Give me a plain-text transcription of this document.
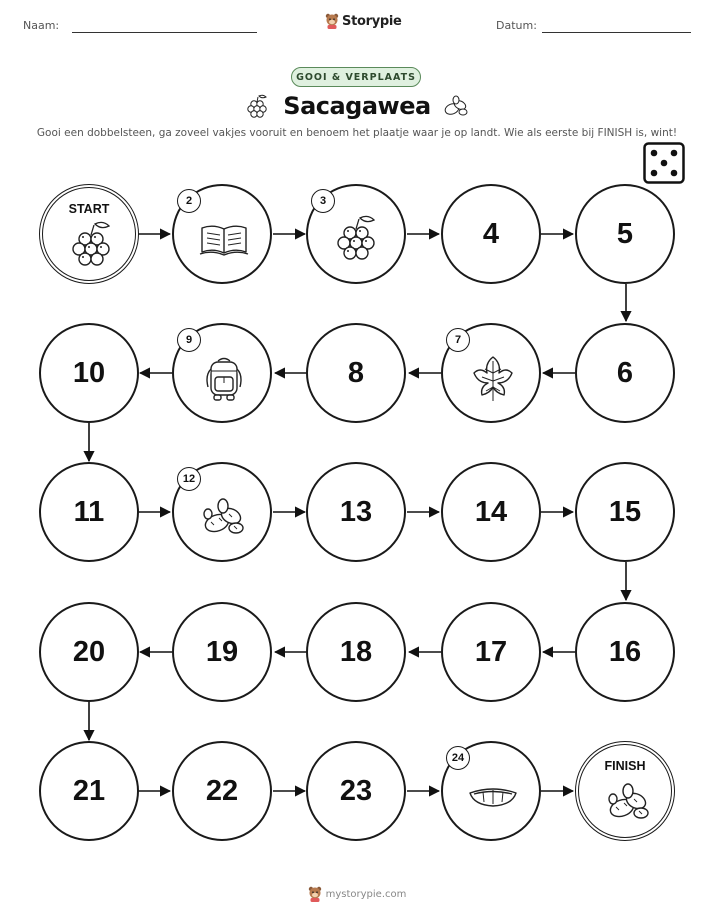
Naam:	Storypie	Datum:
GOOI & VERPLAATS
Sacagawea
Gooi een dobbelsteen, ga zoveel vakjes vooruit en benoem het plaatje waar je op landt. Wie als eerste bij FINISH is, wint!
START
2	3
4	5
6
7
8
9
10
11
12
13	14	15
16
17
18
19
20
21	22	23
24
FINISH
mystorypie.com
